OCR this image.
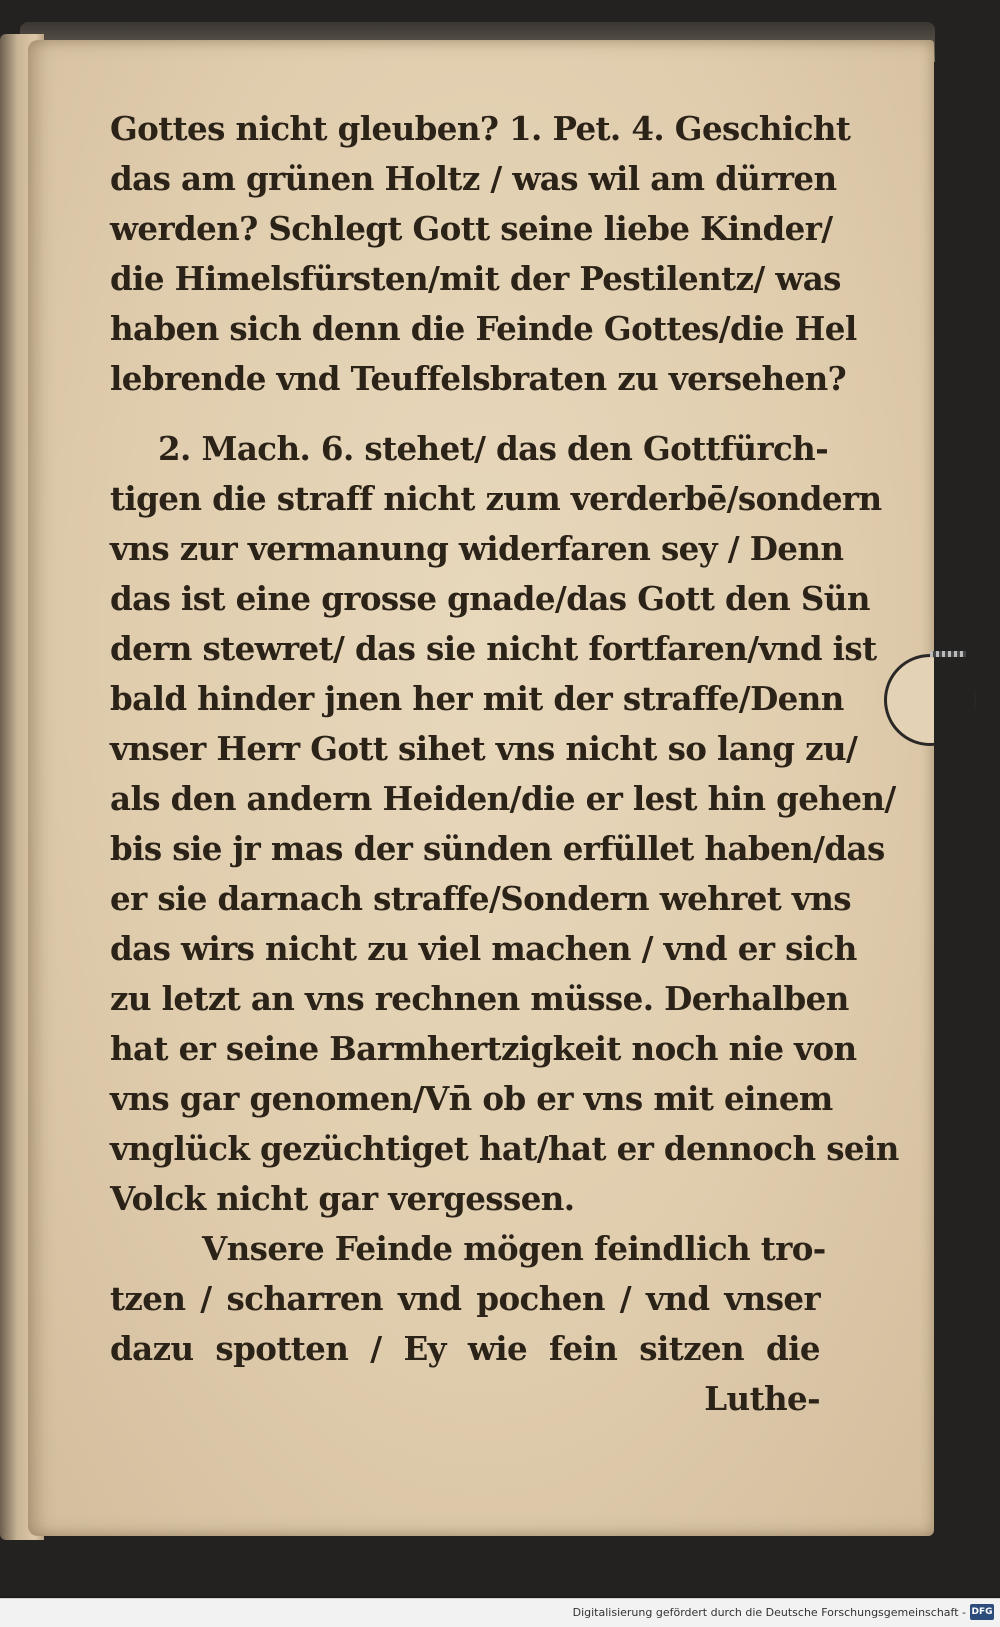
Gottes nicht gleuben? 1. Pet. 4. Geschicht
das am grünen Holtz / was wil am dürren
werden? Schlegt Gott seine liebe Kinder/
die Himelsfürsten/mit der Pestilentz/ was
haben sich denn die Feinde Gottes/die Hel
lebrende vnd Teuffelsbraten zu versehen?
2. Mach. 6. stehet/ das den Gottfürch-
tigen die straff nicht zum verderbē/sondern
vns zur vermanung widerfaren sey / Denn
das ist eine grosse gnade/das Gott den Sün
dern stewret/ das sie nicht fortfaren/vnd ist
bald hinder jnen her mit der straffe/Denn
vnser Herr Gott sihet vns nicht so lang zu/
als den andern Heiden/die er lest hin gehen/
bis sie jr mas der sünden erfüllet haben/das
er sie darnach straffe/Sondern wehret vns
das wirs nicht zu viel machen / vnd er sich
zu letzt an vns rechnen müsse. Derhalben
hat er seine Barmhertzigkeit noch nie von
vns gar genomen/Vn̄ ob er vns mit einem
vnglück gezüchtiget hat/hat er dennoch sein
Volck nicht gar vergessen.
Vnsere Feinde mögen feindlich tro-
tzen / scharren vnd pochen / vnd vnser
dazu spotten / Ey wie fein sitzen die
Luthe-
Digitalisierung gefördert durch die Deutsche Forschungsgemeinschaft - DFG
